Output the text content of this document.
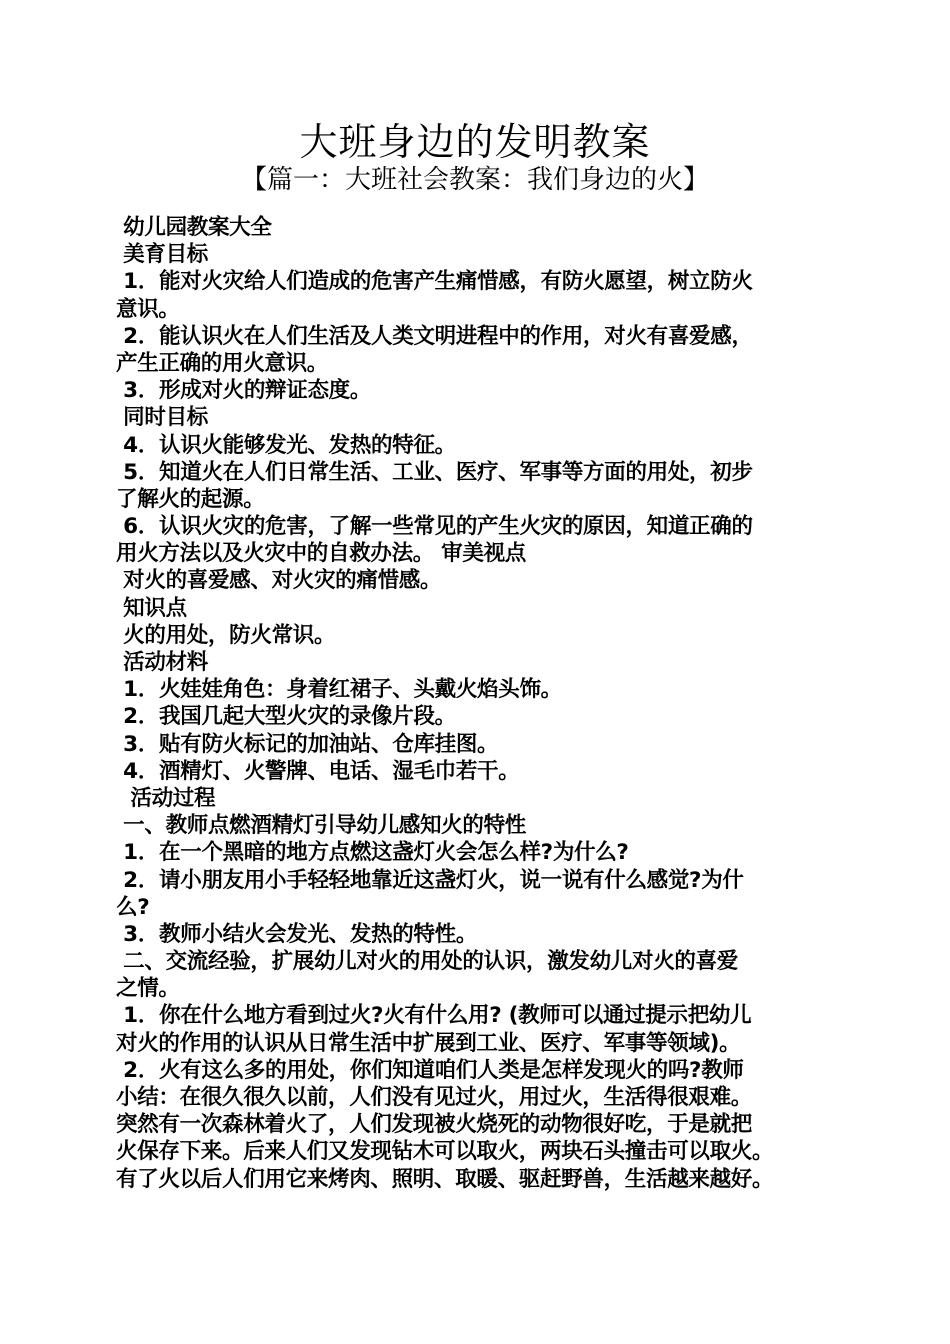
大班身边的发明教案
【篇一：大班社会教案：我们身边的火】
幼儿园教案大全
美育目标
1．能对火灾给人们造成的危害产生痛惜感，有防火愿望，树立防火
意识。
2．能认识火在人们生活及人类文明进程中的作用，对火有喜爱感，
产生正确的用火意识。
3．形成对火的辩证态度。
同时目标
4．认识火能够发光、发热的特征。
5．知道火在人们日常生活、工业、医疗、军事等方面的用处，初步
了解火的起源。
6．认识火灾的危害，了解一些常见的产生火灾的原因，知道正确的
用火方法以及火灾中的自救办法。 审美视点
对火的喜爱感、对火灾的痛惜感。
知识点
火的用处，防火常识。
活动材料
1．火娃娃角色：身着红裙子、头戴火焰头饰。
2．我国几起大型火灾的录像片段。
3．贴有防火标记的加油站、仓库挂图。
4．酒精灯、火警牌、电话、湿毛巾若干。
活动过程
一、教师点燃酒精灯引导幼儿感知火的特性
1．在一个黑暗的地方点燃这盏灯火会怎么样?为什么?
2．请小朋友用小手轻轻地靠近这盏灯火，说一说有什么感觉?为什
么?
3．教师小结火会发光、发热的特性。
二、交流经验，扩展幼儿对火的用处的认识，激发幼儿对火的喜爱
之情。
1．你在什么地方看到过火?火有什么用? (教师可以通过提示把幼儿
对火的作用的认识从日常生活中扩展到工业、医疗、军事等领域)。
2．火有这么多的用处，你们知道咱们人类是怎样发现火的吗?教师
小结：在很久很久以前，人们没有见过火，用过火，生活得很艰难。
突然有一次森林着火了，人们发现被火烧死的动物很好吃，于是就把
火保存下来。后来人们又发现钻木可以取火，两块石头撞击可以取火。
有了火以后人们用它来烤肉、照明、取暖、驱赶野兽，生活越来越好。
